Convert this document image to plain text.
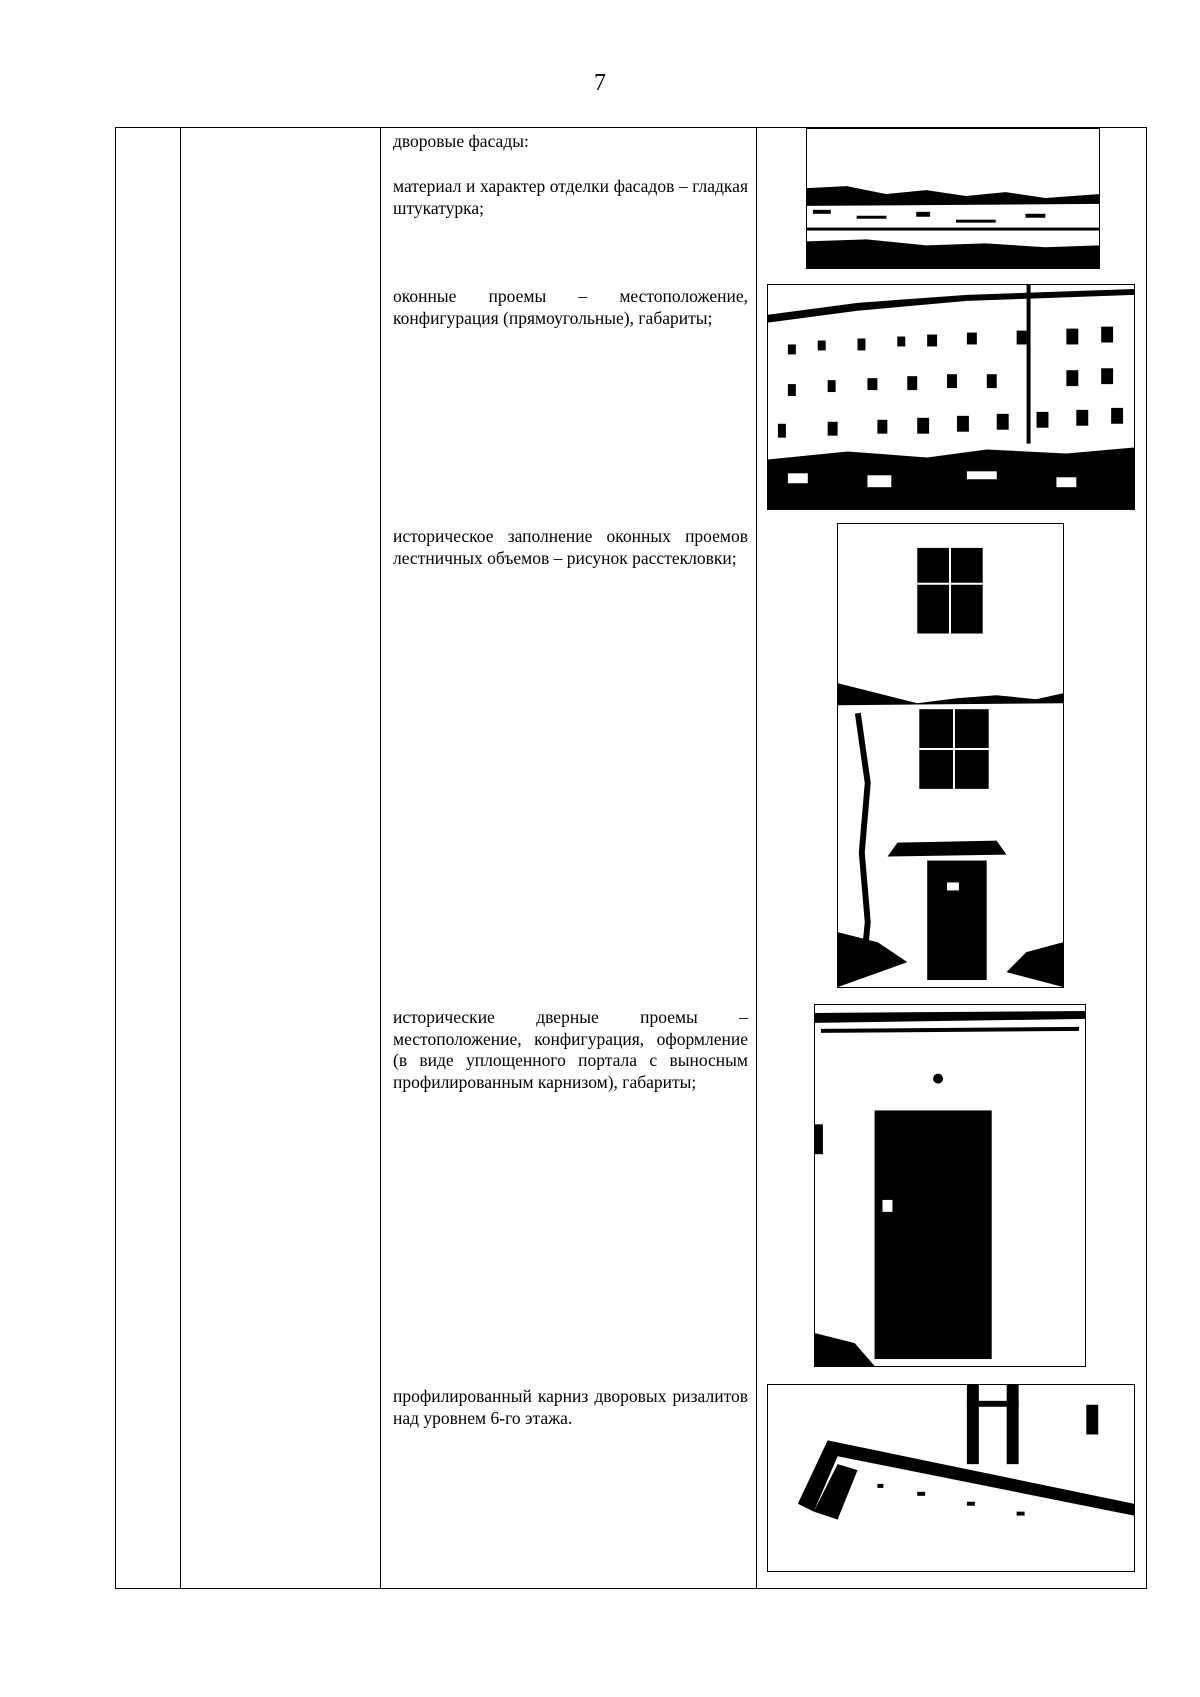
7
дворовые фасады:
материал и характер отделки фасадов – гладкая штукатурка;
оконные проемы – местоположение, конфигурация (прямоугольные), габариты;
историческое заполнение оконных проемов лестничных объемов – рисунок расстекловки;
исторические дверные проемы – местоположение, конфигурация, оформление (в виде уплощенного портала с выносным профилированным карнизом), габариты;
профилированный карниз дворовых ризалитов над уровнем 6-го этажа.
